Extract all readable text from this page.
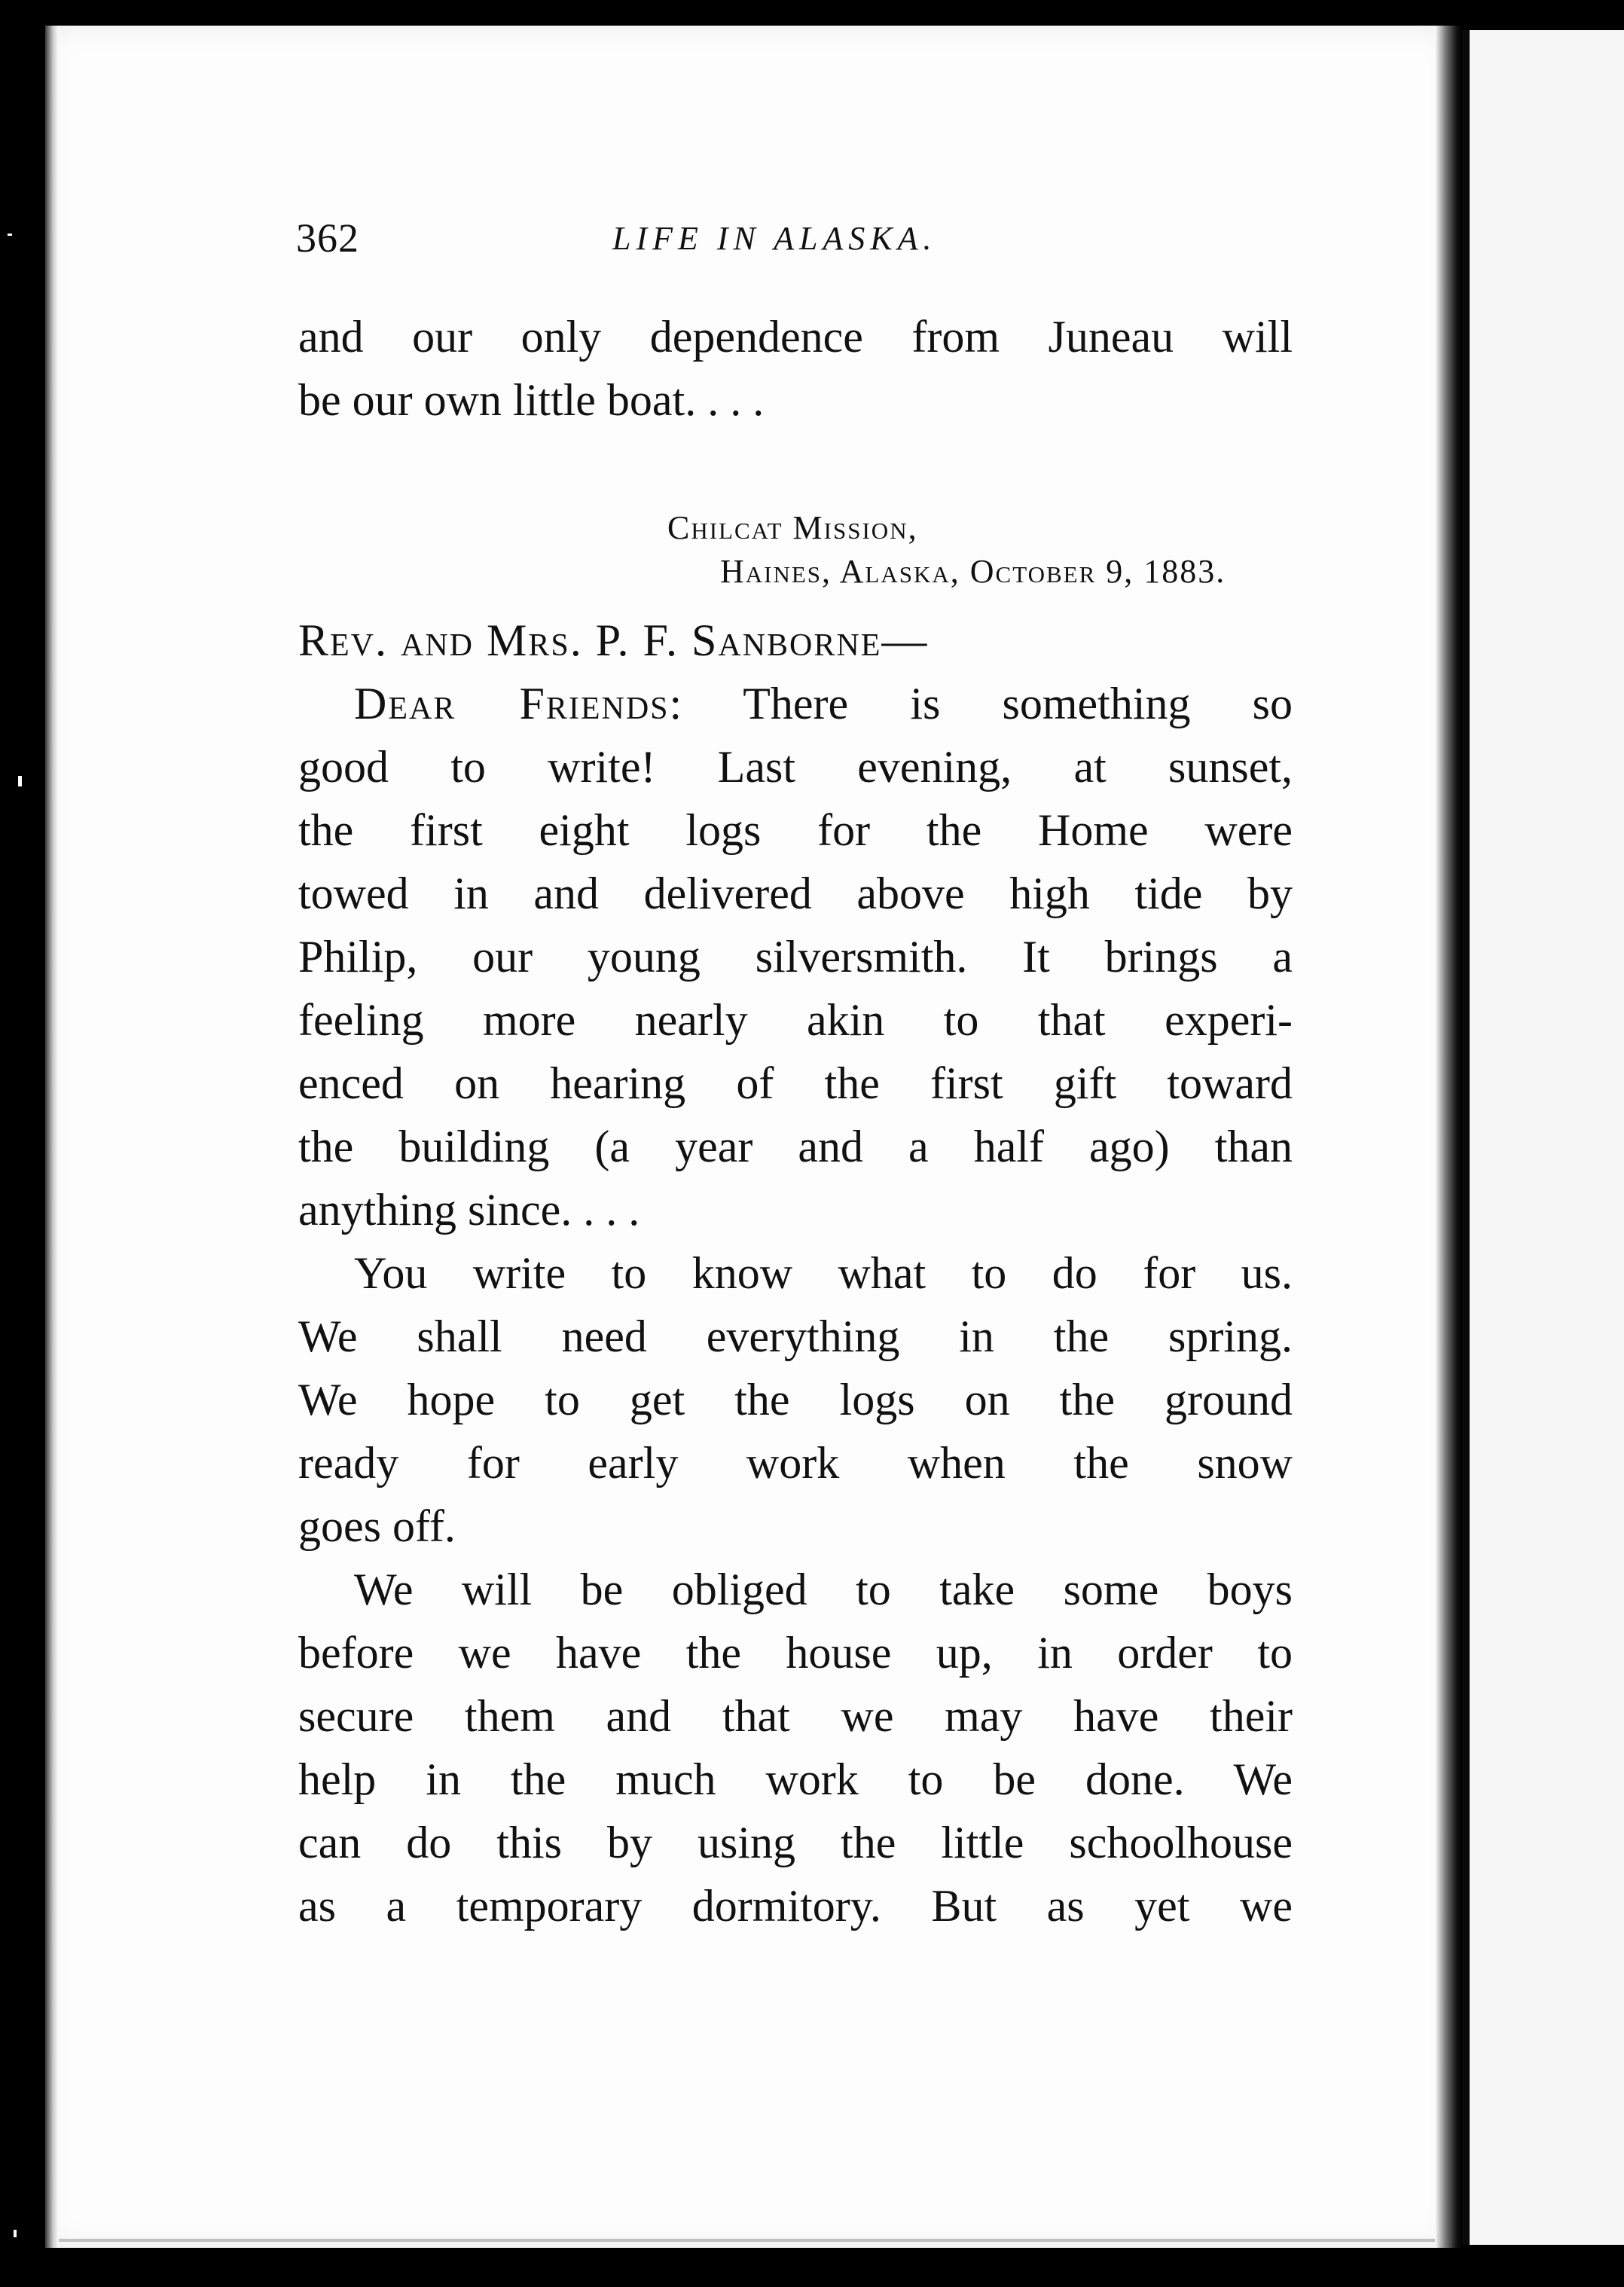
362	LIFE IN ALASKA.
and our only dependence from Juneau will
be our own little boat. . . .
Chilcat Mission,
Haines, Alaska, October 9, 1883.
Rev. and Mrs. P. F. Sanborne—
Dear Friends: There is something so
good to write! Last evening, at sunset,
the first eight logs for the Home were
towed in and delivered above high tide by
Philip, our young silversmith. It brings a
feeling more nearly akin to that experi-
enced on hearing of the first gift toward
the building (a year and a half ago) than
anything since. . . .
You write to know what to do for us.
We shall need everything in the spring.
We hope to get the logs on the ground
ready for early work when the snow
goes off.
We will be obliged to take some boys
before we have the house up, in order to
secure them and that we may have their
help in the much work to be done. We
can do this by using the little schoolhouse
as a temporary dormitory. But as yet we
